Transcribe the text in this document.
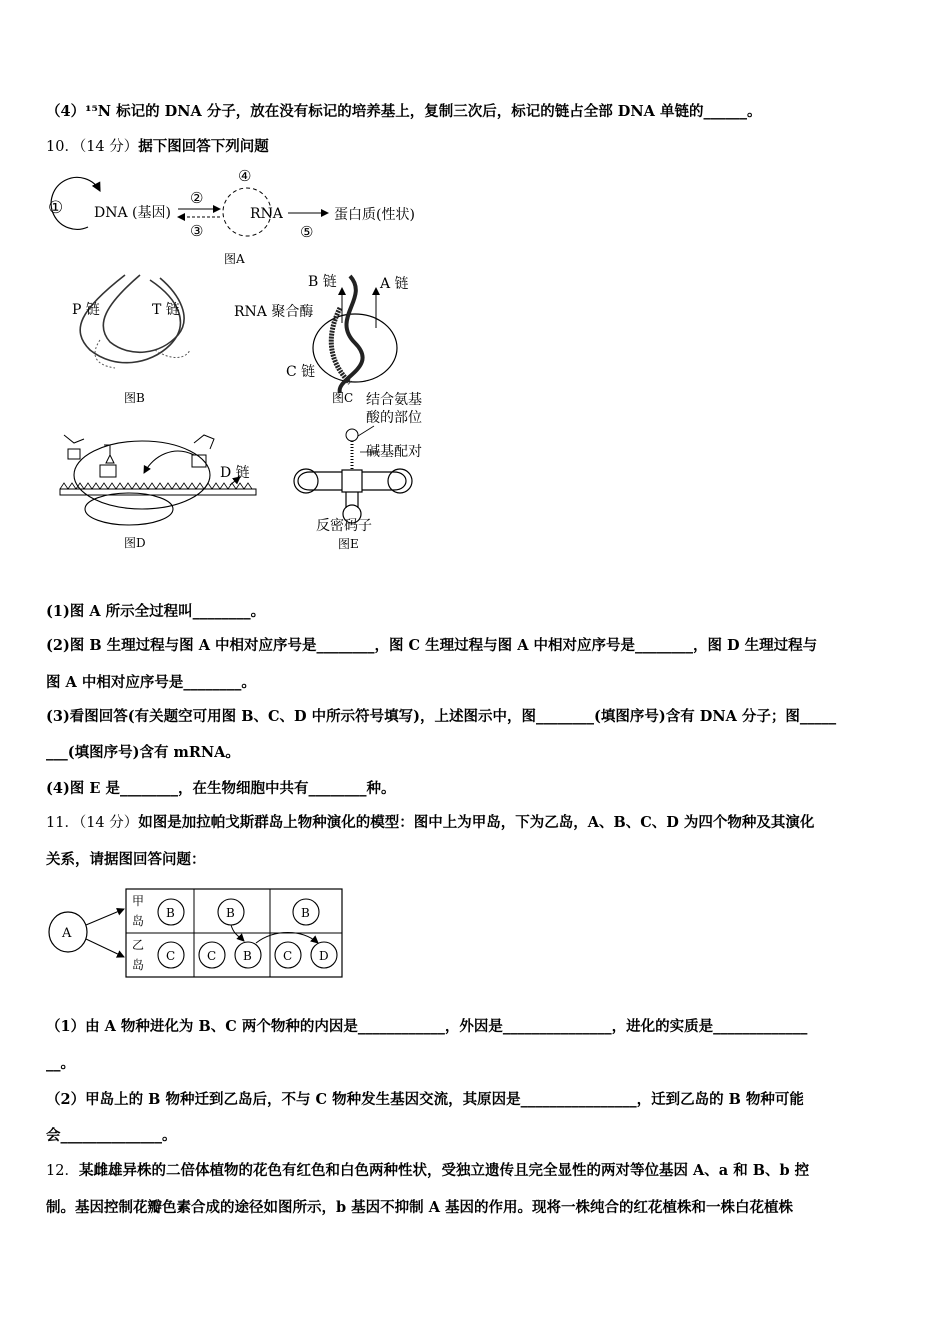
（4）¹⁵N 标记的 DNA 分子，放在没有标记的培养基上，复制三次后，标记的链占全部 DNA 单链的______。
10．（14 分）据下图回答下列问题
① DNA (基因)
②
③
④
RNA
⑤
蛋白质(性状)
图A
P 链	T 链
图B
B 链	A 链
RNA 聚合酶
C 链
图C
D 链
图D
结合氨基
酸的部位
碱基配对
反密码子
图E
(1)图 A 所示全过程叫________。
(2)图 B 生理过程与图 A 中相对应序号是________，图 C 生理过程与图 A 中相对应序号是________，图 D 生理过程与
图 A 中相对应序号是________。
(3)看图回答(有关题空可用图 B、C、D 中所示符号填写)，上述图示中，图________(填图序号)含有 DNA 分子；图_____
___(填图序号)含有 mRNA。
(4)图 E 是________，在生物细胞中共有________种。
11．（14 分）如图是加拉帕戈斯群岛上物种演化的模型：图中上为甲岛，下为乙岛，A、B、C、D 为四个物种及其演化
关系，请据图回答问题：
A
甲
岛
乙
岛
B
C
B
C B
B
C D
（1）由 A 物种进化为 B、C 两个物种的内因是____________，外因是_______________，进化的实质是_____________
__。
（2）甲岛上的 B 物种迁到乙岛后，不与 C 物种发生基因交流，其原因是________________，迁到乙岛的 B 物种可能
会______________。
12．某雌雄异株的二倍体植物的花色有红色和白色两种性状，受独立遗传且完全显性的两对等位基因 A、a 和 B、b 控
制。基因控制花瓣色素合成的途径如图所示，b 基因不抑制 A 基因的作用。现将一株纯合的红花植株和一株白花植株
